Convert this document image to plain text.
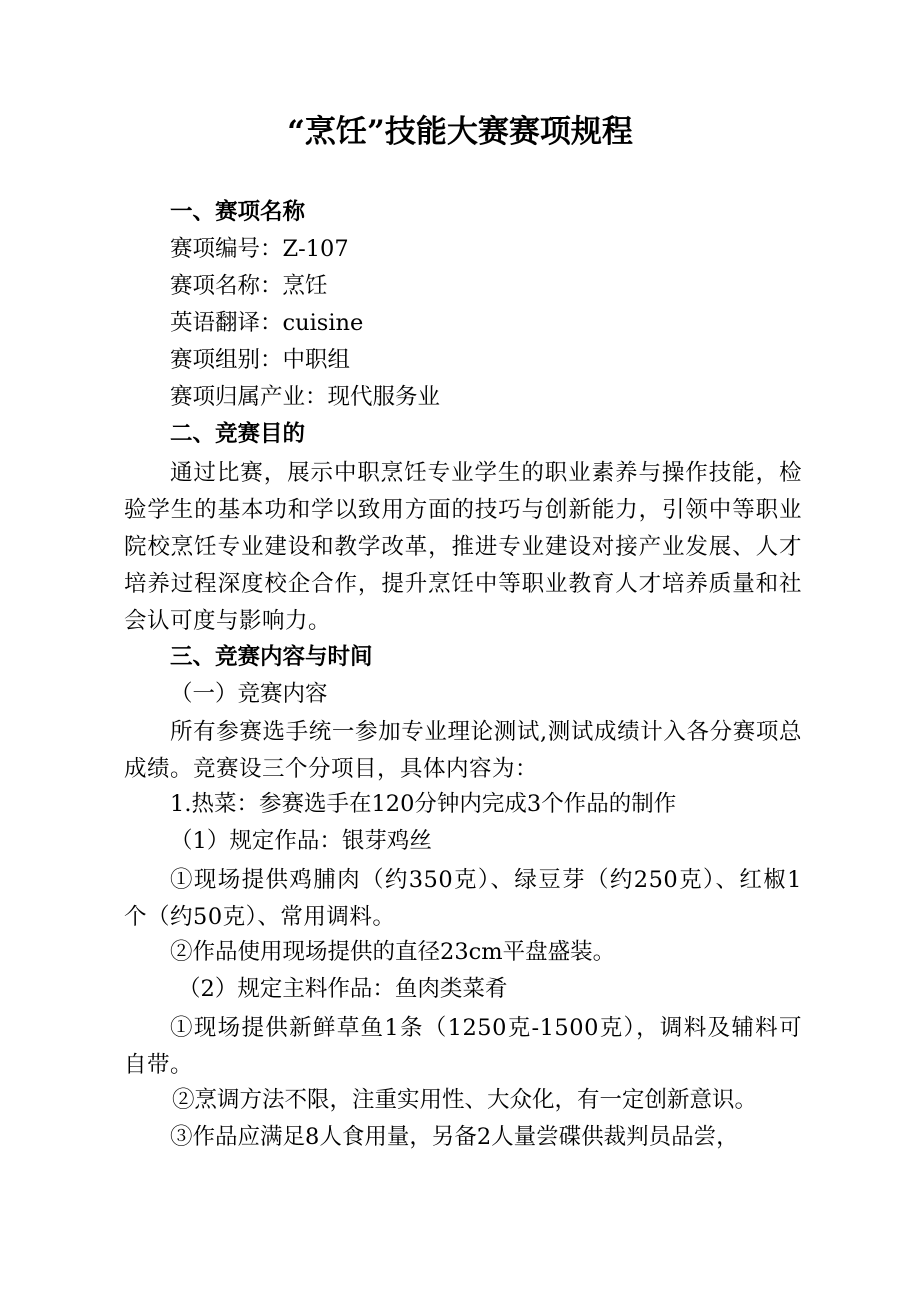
“烹饪”技能大赛赛项规程
一、赛项名称
赛项编号：Z-107
赛项名称：烹饪
英语翻译：cuisine
赛项组别：中职组
赛项归属产业：现代服务业
二、竞赛目的
通过比赛，展示中职烹饪专业学生的职业素养与操作技能，检验学生的基本功和学以致用方面的技巧与创新能力，引领中等职业院校烹饪专业建设和教学改革，推进专业建设对接产业发展、人才培养过程深度校企合作，提升烹饪中等职业教育人才培养质量和社会认可度与影响力。
三、竞赛内容与时间
（一）竞赛内容
所有参赛选手统一参加专业理论测试,测试成绩计入各分赛项总成绩。竞赛设三个分项目，具体内容为：
1.热菜：参赛选手在120分钟内完成3个作品的制作
（1）规定作品：银芽鸡丝
①现场提供鸡脯肉（约350克）、绿豆芽（约250克）、红椒1个（约50克）、常用调料。
②作品使用现场提供的直径23cm平盘盛装。
（2）规定主料作品：鱼肉类菜肴
①现场提供新鲜草鱼1条（1250克-1500克），调料及辅料可自带。
②烹调方法不限，注重实用性、大众化，有一定创新意识。
③作品应满足8人食用量，另备2人量尝碟供裁判员品尝，
